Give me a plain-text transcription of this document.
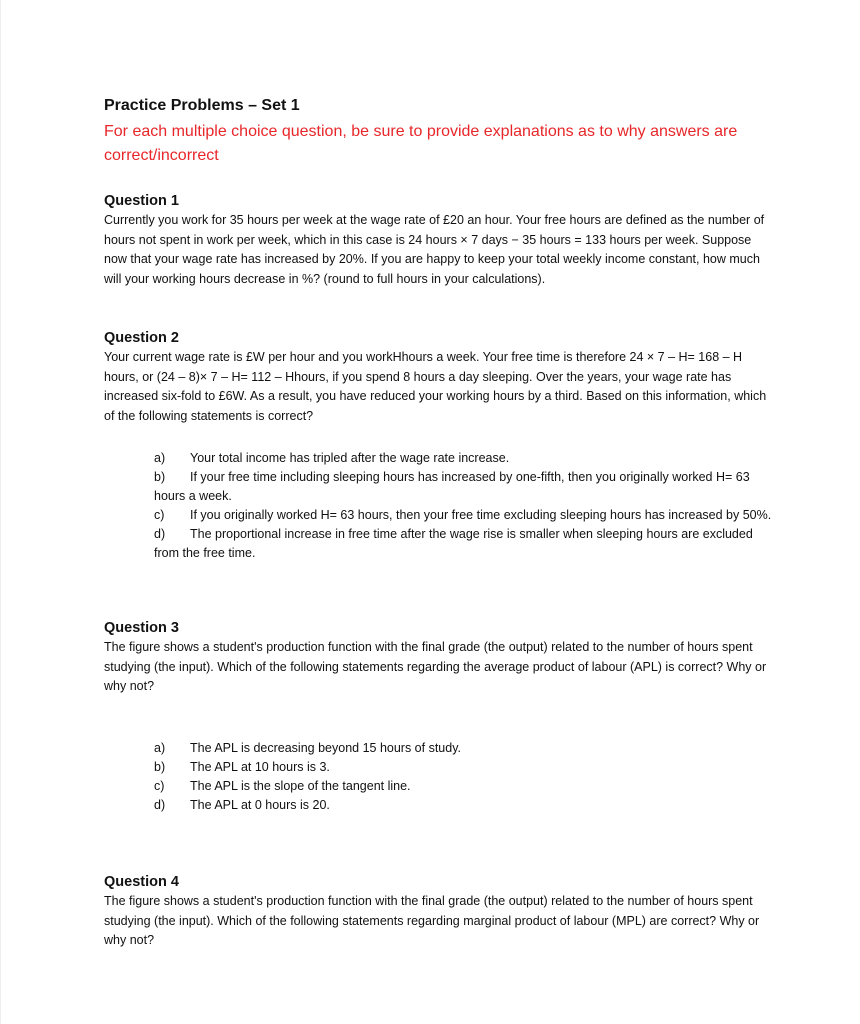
Practice Problems – Set 1

For each multiple choice question, be sure to provide explanations as to why answers are correct/incorrect

Question 1

Currently you work for 35 hours per week at the wage rate of £20 an hour. Your free hours are defined as the number of hours not spent in work per week, which in this case is 24 hours × 7 days − 35 hours = 133 hours per week. Suppose now that your wage rate has increased by 20%. If you are happy to keep your total weekly income constant, how much will your working hours decrease in %? (round to full hours in your calculations).

Question 2

Your current wage rate is £W per hour and you workHhours a week. Your free time is therefore 24 × 7 – H= 168 – H hours, or (24 – 8)× 7 – H= 112 – Hhours, if you spend 8 hours a day sleeping. Over the years, your wage rate has increased six-fold to £6W. As a result, you have reduced your working hours by a third. Based on this information, which of the following statements is correct?

a) Your total income has tripled after the wage rate increase.
b) If your free time including sleeping hours has increased by one-fifth, then you originally worked H= 63 hours a week.
c) If you originally worked H= 63 hours, then your free time excluding sleeping hours has increased by 50%.
d) The proportional increase in free time after the wage rise is smaller when sleeping hours are excluded from the free time.
Question 3

The figure shows a student's production function with the final grade (the output) related to the number of hours spent studying (the input). Which of the following statements regarding the average product of labour (APL) is correct? Why or why not?

a) The APL is decreasing beyond 15 hours of study.
b) The APL at 10 hours is 3.
c) The APL is the slope of the tangent line.
d) The APL at 0 hours is 20.
Question 4

The figure shows a student's production function with the final grade (the output) related to the number of hours spent studying (the input). Which of the following statements regarding marginal product of labour (MPL) are correct? Why or why not?
